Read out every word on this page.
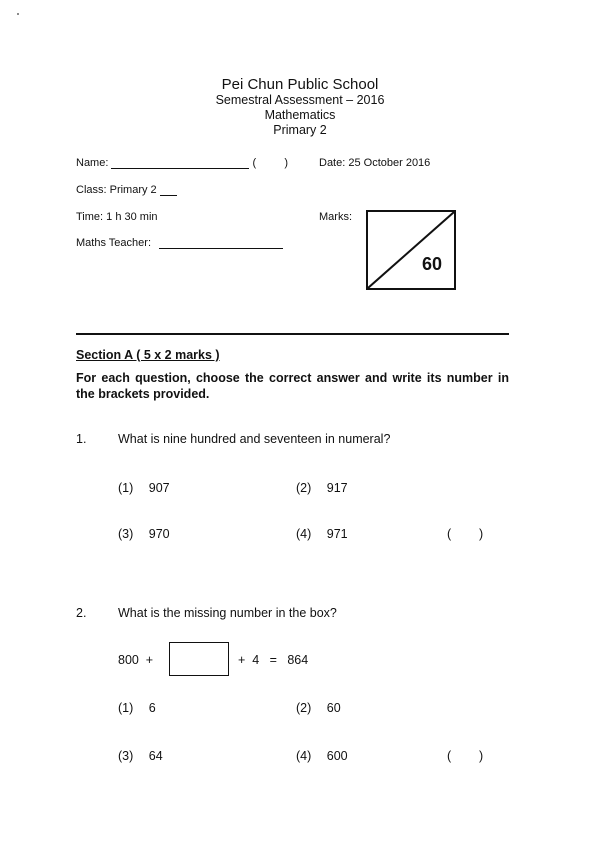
Pei Chun Public School
Semestral Assessment – 2016
Mathematics
Primary 2
Name:	(	)	Date: 25 October 2016
Class: Primary 2
Time: 1 h 30 min	Marks:
Maths Teacher:
60
Section A ( 5 x 2 marks )
For each question, choose the correct answer and write its number in the brackets provided.
1.	What is nine hundred and seventeen in numeral?
(1) 907	(2) 917
(3) 970	(4) 971	(        )
2.	What is the missing number in the box?
800  +	+  4   =   864
(1) 6	(2) 60
(3) 64	(4) 600	(        )
